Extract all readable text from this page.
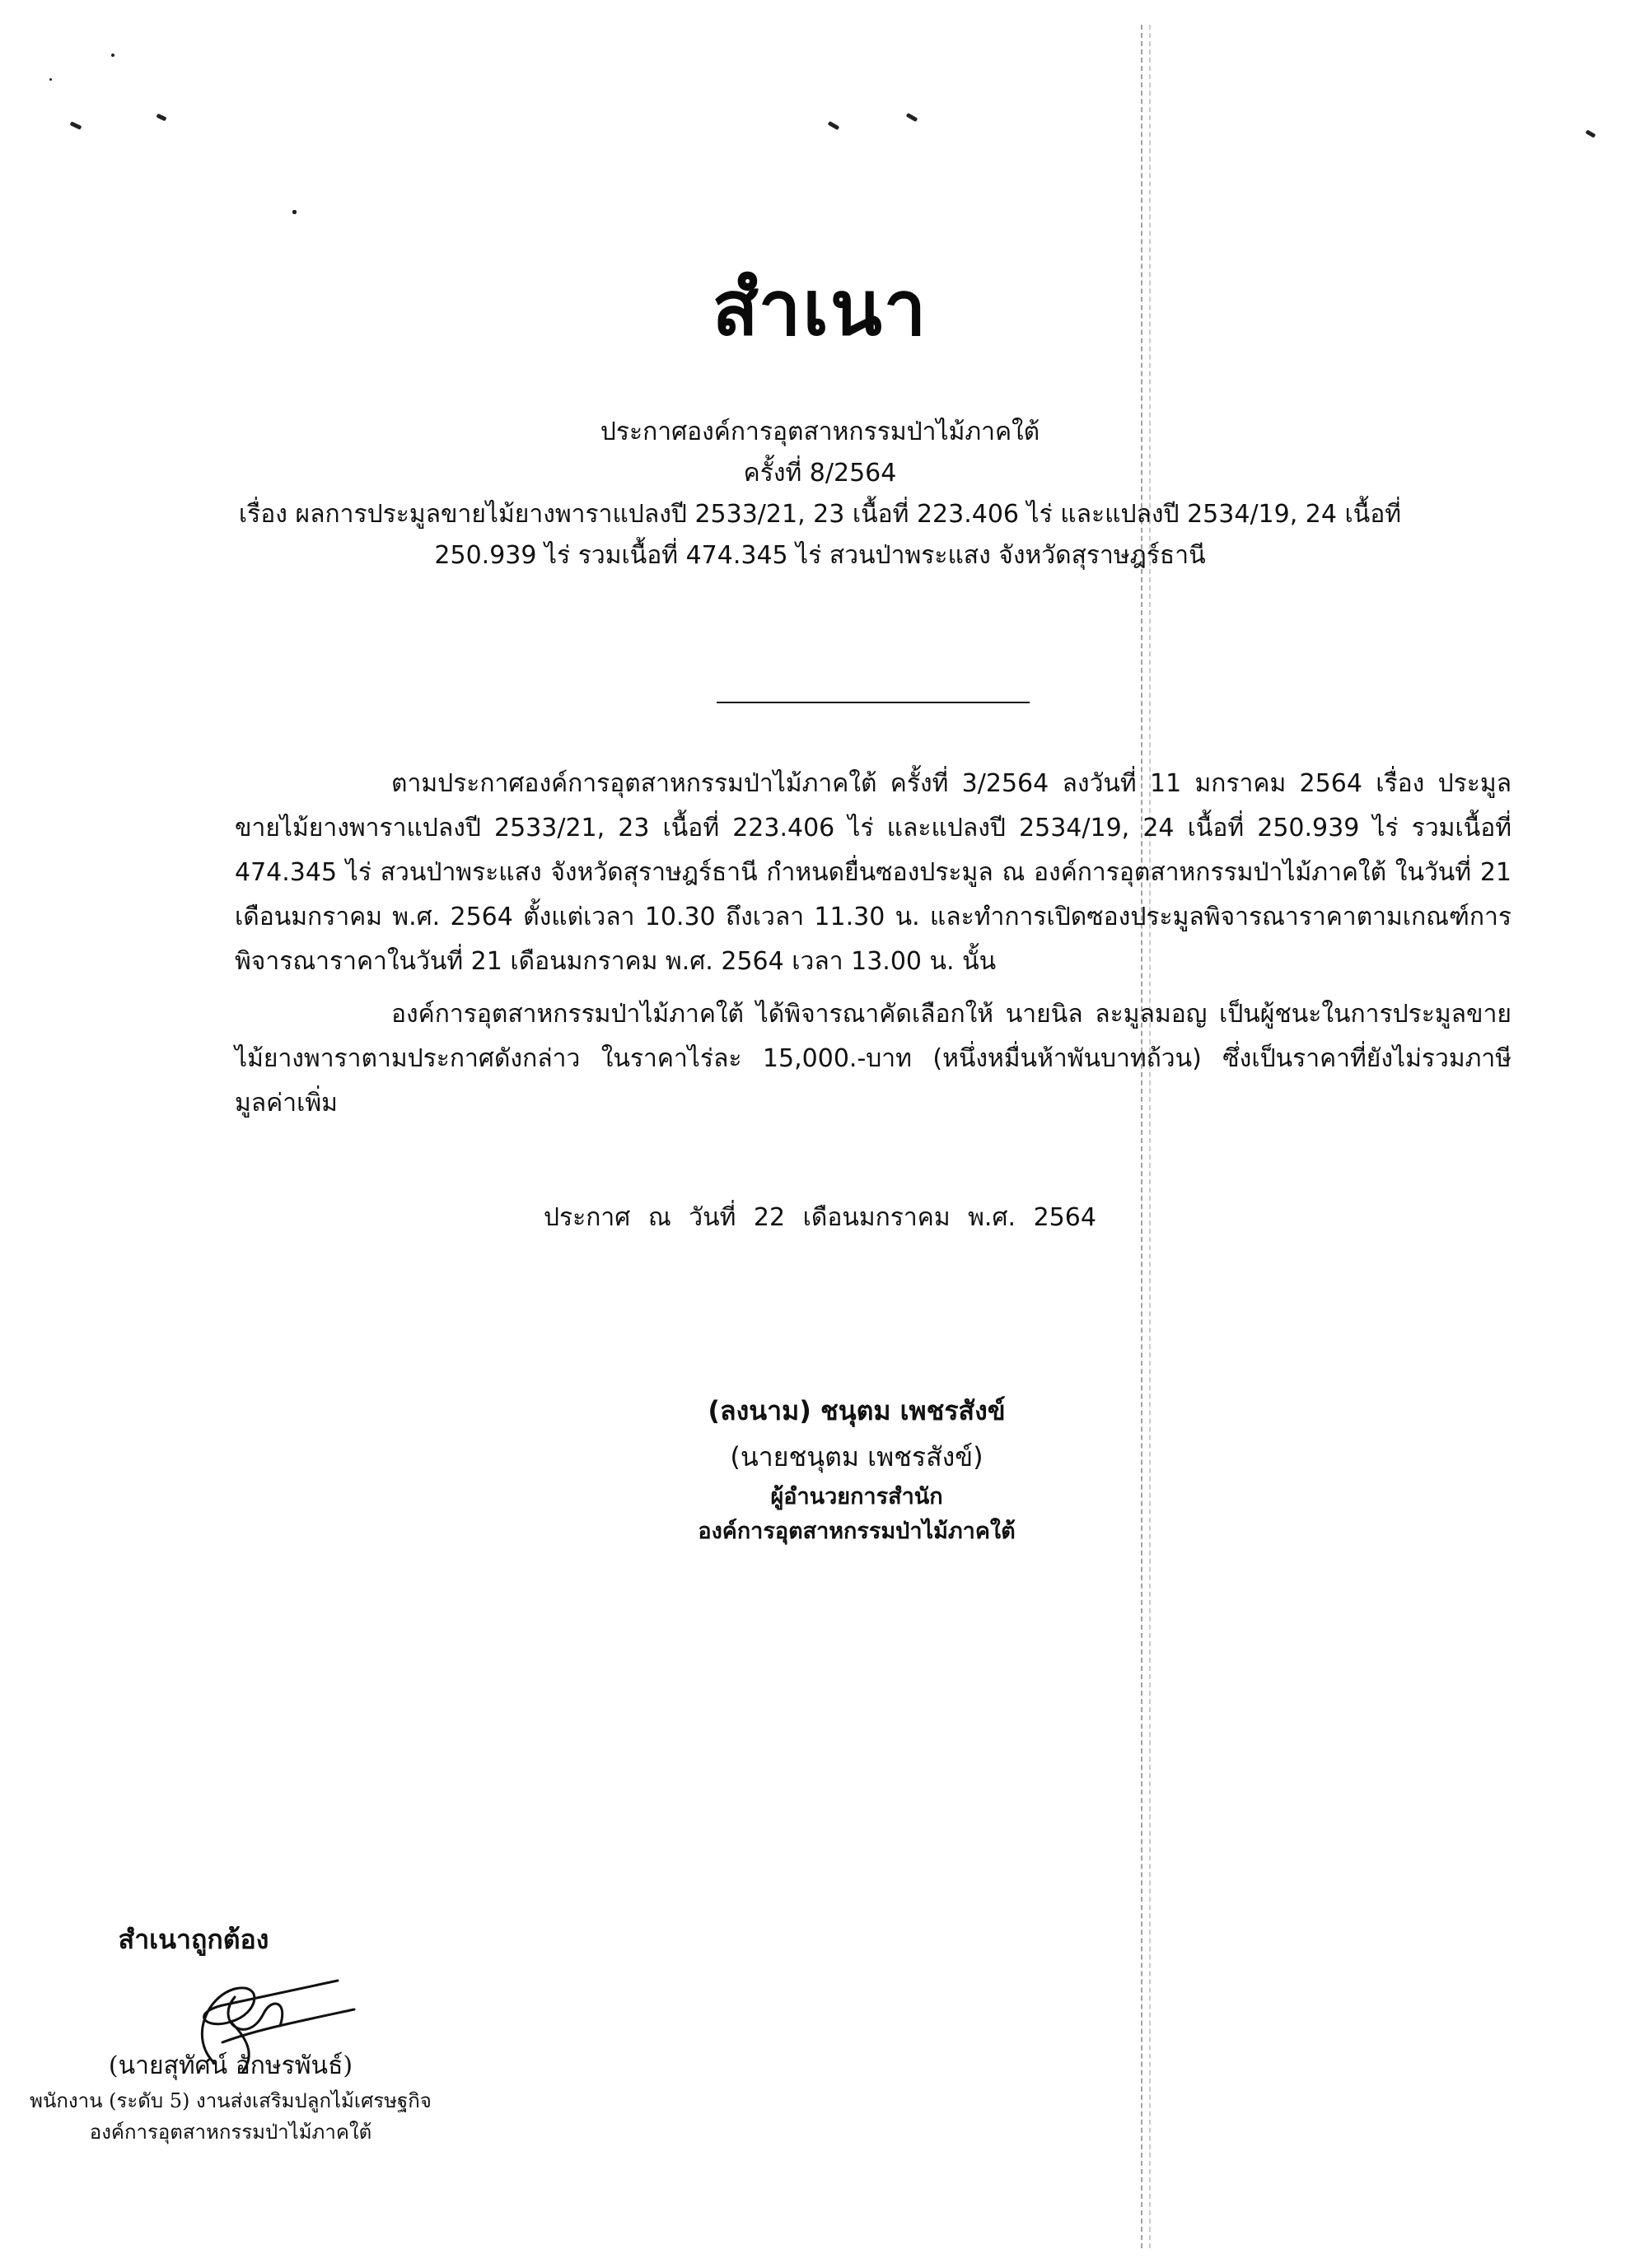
สำเนา
ประกาศองค์การอุตสาหกรรมป่าไม้ภาคใต้
ครั้งที่ 8/2564
เรื่อง ผลการประมูลขายไม้ยางพาราแปลงปี 2533/21, 23 เนื้อที่ 223.406 ไร่ และแปลงปี 2534/19, 24 เนื้อที่ 250.939 ไร่ รวมเนื้อที่ 474.345 ไร่ สวนป่าพระแสง จังหวัดสุราษฎร์ธานี

ตามประกาศองค์การอุตสาหกรรมป่าไม้ภาคใต้ ครั้งที่ 3/2564 ลงวันที่ 11 มกราคม 2564 เรื่อง ประมูลขายไม้ยางพาราแปลงปี 2533/21, 23 เนื้อที่ 223.406 ไร่ และแปลงปี 2534/19, 24 เนื้อที่ 250.939 ไร่ รวมเนื้อที่ 474.345 ไร่ สวนป่าพระแสง จังหวัดสุราษฎร์ธานี กำหนดยื่นซองประมูล ณ องค์การอุตสาหกรรมป่าไม้ภาคใต้ ในวันที่ 21 เดือนมกราคม พ.ศ. 2564 ตั้งแต่เวลา 10.30 ถึงเวลา 11.30 น. และทำการเปิดซองประมูลพิจารณาราคาตามเกณฑ์การพิจารณาราคาในวันที่ 21 เดือนมกราคม พ.ศ. 2564 เวลา 13.00 น. นั้น

องค์การอุตสาหกรรมป่าไม้ภาคใต้ ได้พิจารณาคัดเลือกให้ นายนิล ละมูลมอญ เป็นผู้ชนะในการประมูลขายไม้ยางพาราตามประกาศดังกล่าว ในราคาไร่ละ 15,000.-บาท (หนึ่งหมื่นห้าพันบาทถ้วน) ซึ่งเป็นราคาที่ยังไม่รวมภาษีมูลค่าเพิ่ม

ประกาศ ณ วันที่ 22 เดือนมกราคม พ.ศ. 2564
(ลงนาม) ชนุตม เพชรสังข์
(นายชนุตม เพชรสังข์)
ผู้อำนวยการสำนัก
องค์การอุตสาหกรรมป่าไม้ภาคใต้
สำเนาถูกต้อง
(นายสุทัศน์ อักษรพันธ์)
พนักงาน (ระดับ 5) งานส่งเสริมปลูกไม้เศรษฐกิจ
องค์การอุตสาหกรรมป่าไม้ภาคใต้
